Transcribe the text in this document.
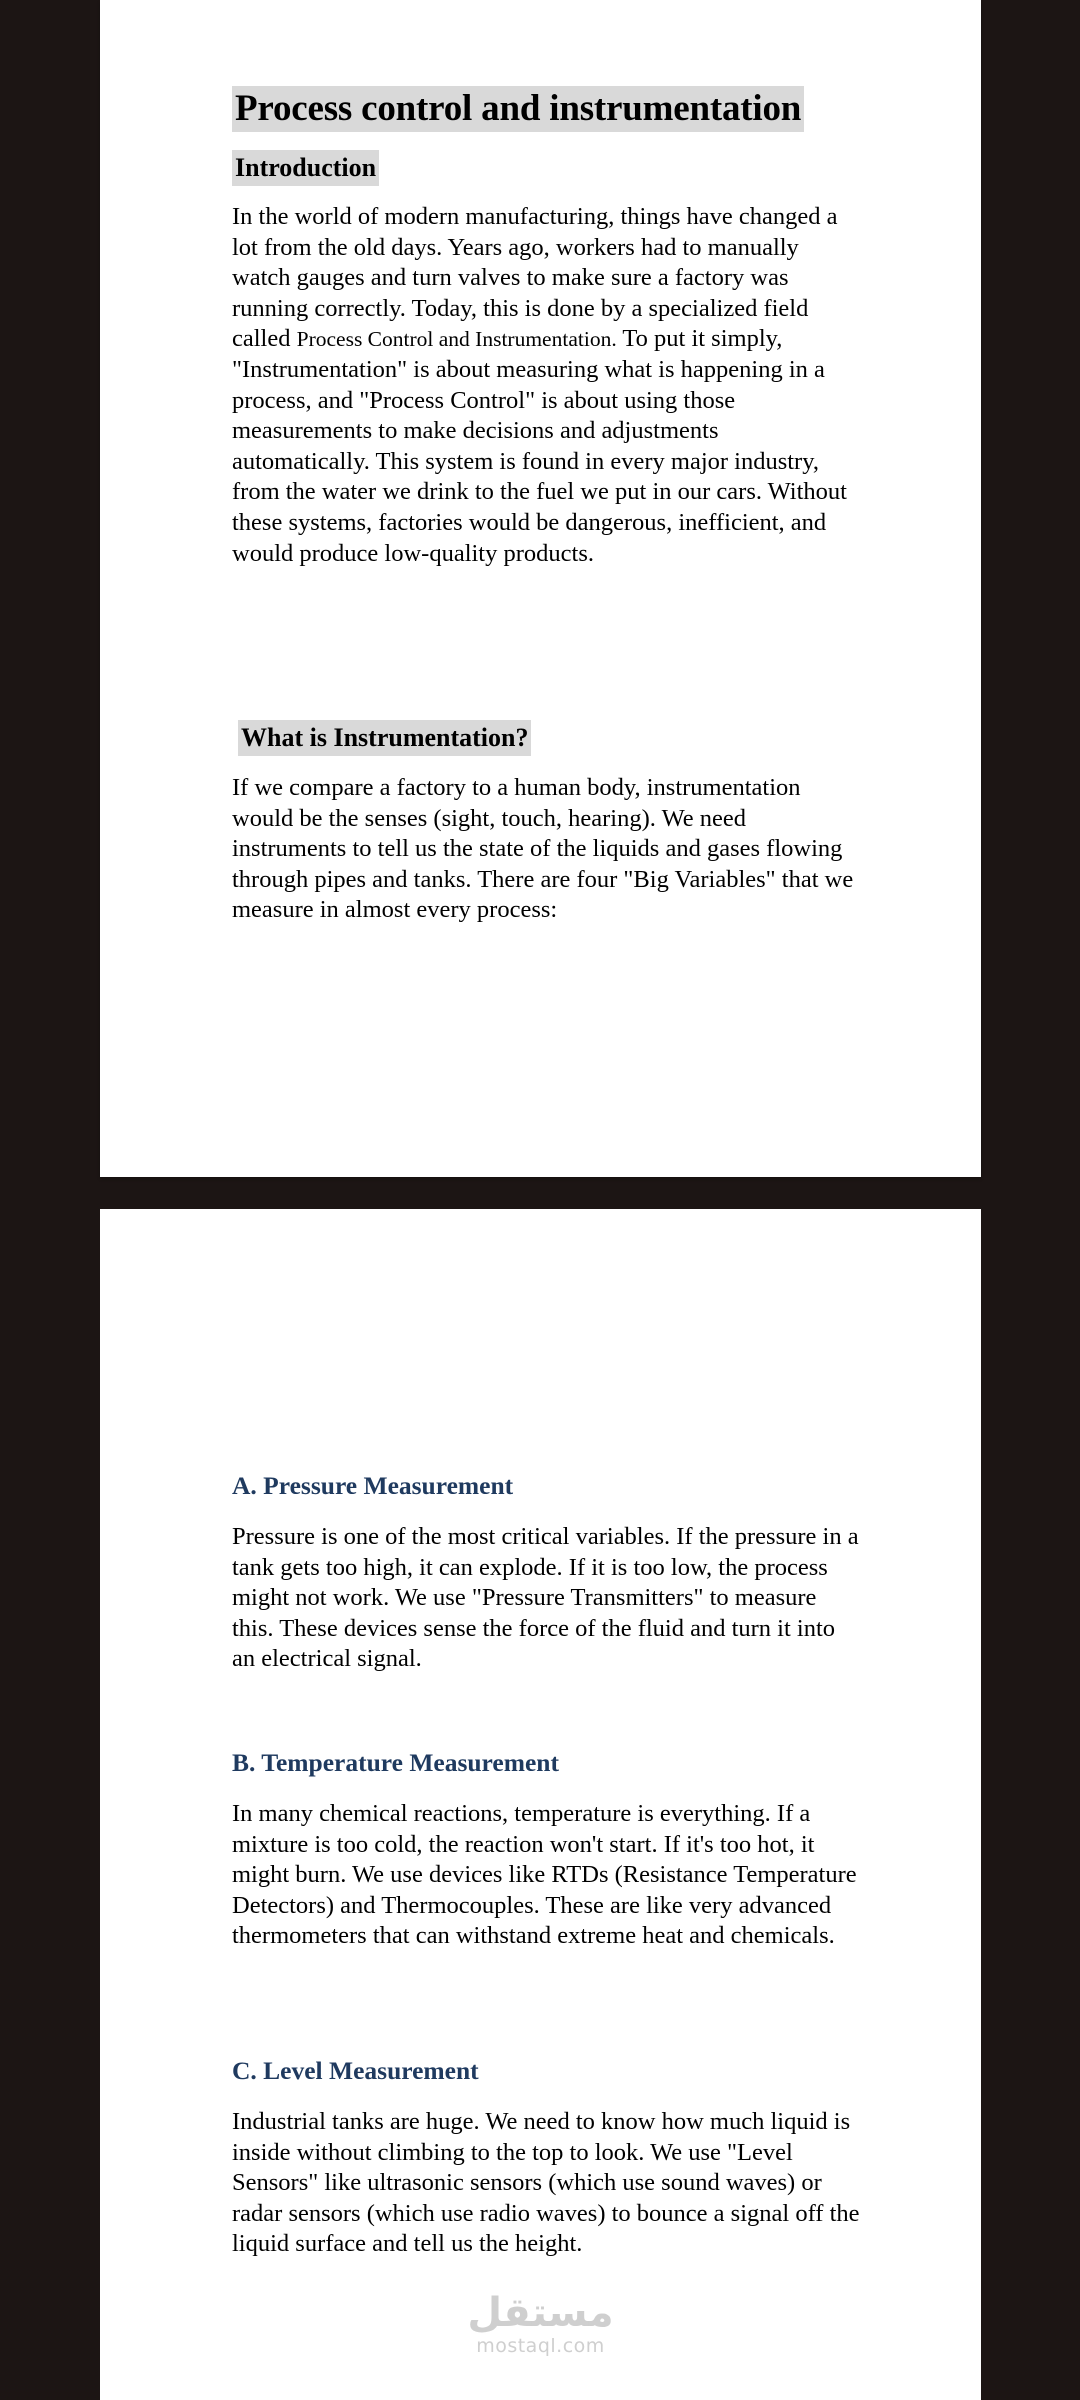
Process control and instrumentation
Introduction

In the world of modern manufacturing, things have changed a lot from the old days. Years ago, workers had to manually watch gauges and turn valves to make sure a factory was running correctly. Today, this is done by a specialized field called Process Control and Instrumentation. To put it simply, "Instrumentation" is about measuring what is happening in a process, and "Process Control" is about using those measurements to make decisions and adjustments automatically. This system is found in every major industry, from the water we drink to the fuel we put in our cars. Without these systems, factories would be dangerous, inefficient, and would produce low-quality products.

What is Instrumentation?

If we compare a factory to a human body, instrumentation would be the senses (sight, touch, hearing). We need instruments to tell us the state of the liquids and gases flowing through pipes and tanks. There are four "Big Variables" that we measure in almost every process:

A. Pressure Measurement

Pressure is one of the most critical variables. If the pressure in a tank gets too high, it can explode. If it is too low, the process might not work. We use "Pressure Transmitters" to measure this. These devices sense the force of the fluid and turn it into an electrical signal.

B. Temperature Measurement

In many chemical reactions, temperature is everything. If a mixture is too cold, the reaction won't start. If it's too hot, it might burn. We use devices like RTDs (Resistance Temperature Detectors) and Thermocouples. These are like very advanced thermometers that can withstand extreme heat and chemicals.

C. Level Measurement

Industrial tanks are huge. We need to know how much liquid is inside without climbing to the top to look. We use "Level Sensors" like ultrasonic sensors (which use sound waves) or radar sensors (which use radio waves) to bounce a signal off the liquid surface and tell us the height.

مستقل
mostaql.com
